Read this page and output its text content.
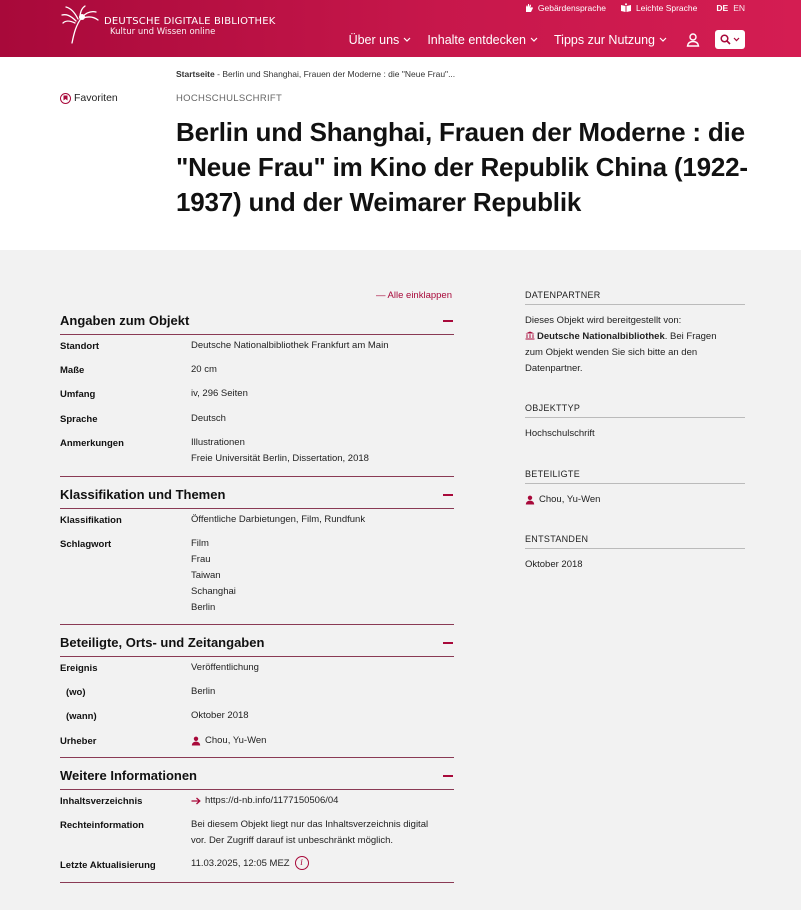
DEUTSCHE DIGITALE BIBLIOTHEK
Kultur und Wissen online
Gebärdensprache	Leichte Sprache DE EN
Über uns Inhalte entdecken Tipps zur Nutzung
Startseite - Berlin und Shanghai, Frauen der Moderne : die "Neue Frau"...
Favoriten	HOCHSCHULSCHRIFT
Berlin und Shanghai, Frauen der Moderne : die "Neue Frau" im Kino der Republik China (1922-1937) und der Weimarer Republik
— Alle einklappen
Angaben zum Objekt
Standort	Deutsche Nationalbibliothek Frankfurt am Main
Maße	20 cm
Umfang	iv, 296 Seiten
Sprache	Deutsch
Anmerkungen	Illustrationen
Freie Universität Berlin, Dissertation, 2018
Klassifikation und Themen
Klassifikation	Öffentliche Darbietungen, Film, Rundfunk
Schlagwort	Film
Frau
Taiwan
Schanghai
Berlin
Beteiligte, Orts- und Zeitangaben
Ereignis	Veröffentlichung
(wo)	Berlin
(wann)	Oktober 2018
Urheber	Chou, Yu-Wen
Weitere Informationen
Inhaltsverzeichnis	https://d-nb.info/1177150506/04
Rechteinformation	Bei diesem Objekt liegt nur das Inhaltsverzeichnis digital
vor. Der Zugriff darauf ist unbeschränkt möglich.
Letzte Aktualisierung	11.03.2025, 12:05 MEZ i
DATENPARTNER
Dieses Objekt wird bereitgestellt von:
Deutsche Nationalbibliothek. Bei Fragen
zum Objekt wenden Sie sich bitte an den
Datenpartner.
OBJEKTTYP
Hochschulschrift
BETEILIGTE
Chou, Yu-Wen
ENTSTANDEN
Oktober 2018
